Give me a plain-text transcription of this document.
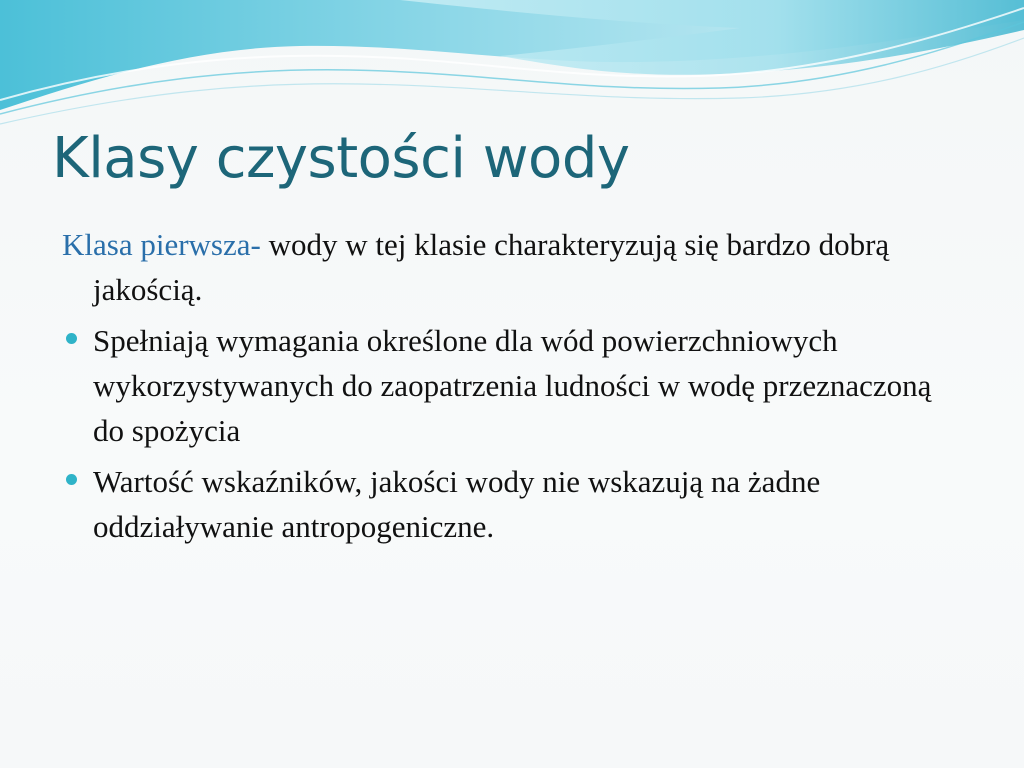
Klasy czystości wody
Klasa pierwsza- wody w tej klasie charakteryzują się bardzo dobrą jakością.
Spełniają wymagania określone dla wód powierzchniowych wykorzystywanych do zaopatrzenia ludności w wodę przeznaczoną do spożycia
Wartość wskaźników, jakości wody nie wskazują na żadne oddziaływanie antropogeniczne.
